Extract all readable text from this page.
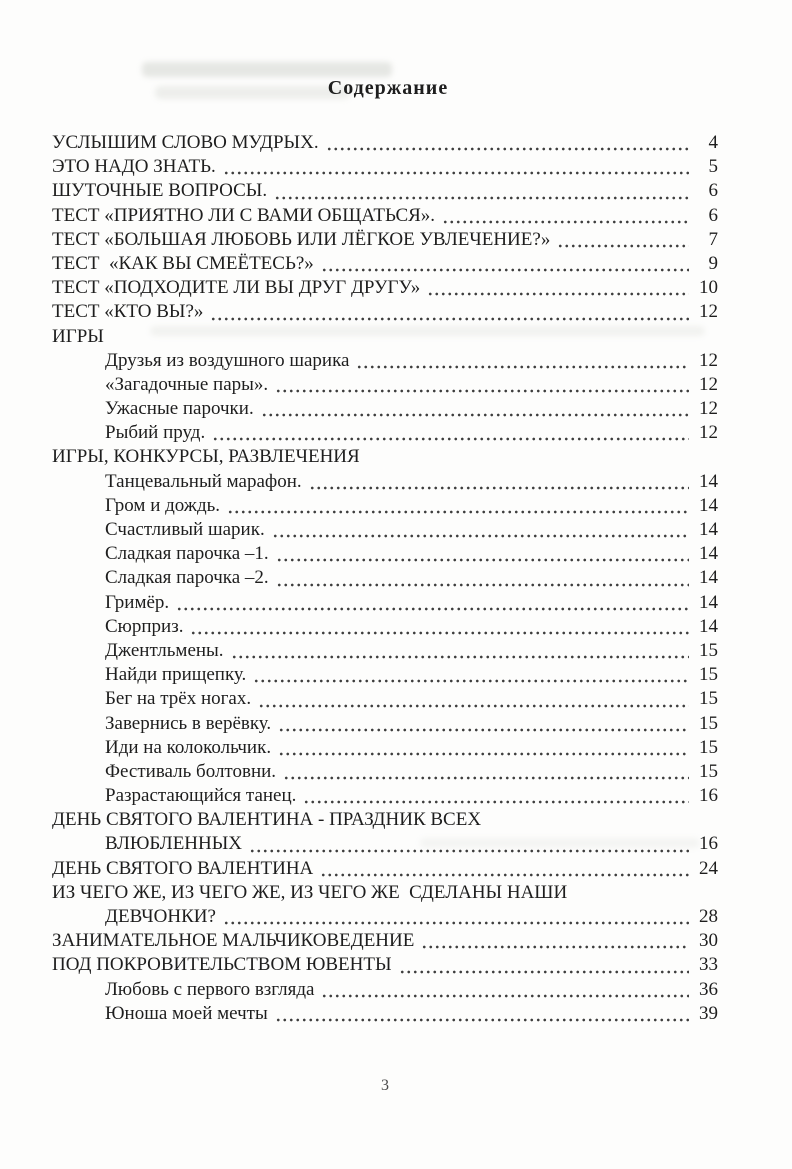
Содержание
УСЛЫШИМ СЛОВО МУДРЫХ.	4
ЭТО НАДО ЗНАТЬ.	5
ШУТОЧНЫЕ ВОПРОСЫ.	6
ТЕСТ «ПРИЯТНО ЛИ С ВАМИ ОБЩАТЬСЯ».	6
ТЕСТ «БОЛЬШАЯ ЛЮБОВЬ ИЛИ ЛЁГКОЕ УВЛЕЧЕНИЕ?»	7
ТЕСТ  «КАК ВЫ СМЕЁТЕСЬ?»	9
ТЕСТ «ПОДХОДИТЕ ЛИ ВЫ ДРУГ ДРУГУ»	10
ТЕСТ «КТО ВЫ?»	12
ИГРЫ
Друзья из воздушного шарика	12
«Загадочные пары».	12
Ужасные парочки.	12
Рыбий пруд.	12
ИГРЫ, КОНКУРСЫ, РАЗВЛЕЧЕНИЯ
Танцевальный марафон.	14
Гром и дождь.	14
Счастливый шарик.	14
Сладкая парочка –1.	14
Сладкая парочка –2.	14
Гримёр.	14
Сюрприз.	14
Джентльмены.	15
Найди прищепку.	15
Бег на трёх ногах.	15
Завернись в верёвку.	15
Иди на колокольчик.	15
Фестиваль болтовни.	15
Разрастающийся танец.	16
ДЕНЬ СВЯТОГО ВАЛЕНТИНА - ПРАЗДНИК ВСЕХ
ВЛЮБЛЕННЫХ	16
ДЕНЬ СВЯТОГО ВАЛЕНТИНА	24
ИЗ ЧЕГО ЖЕ, ИЗ ЧЕГО ЖЕ, ИЗ ЧЕГО ЖЕ  СДЕЛАНЫ НАШИ
ДЕВЧОНКИ?	28
ЗАНИМАТЕЛЬНОЕ МАЛЬЧИКОВЕДЕНИЕ	30
ПОД ПОКРОВИТЕЛЬСТВОМ ЮВЕНТЫ	33
Любовь с первого взгляда	36
Юноша моей мечты	39
3
